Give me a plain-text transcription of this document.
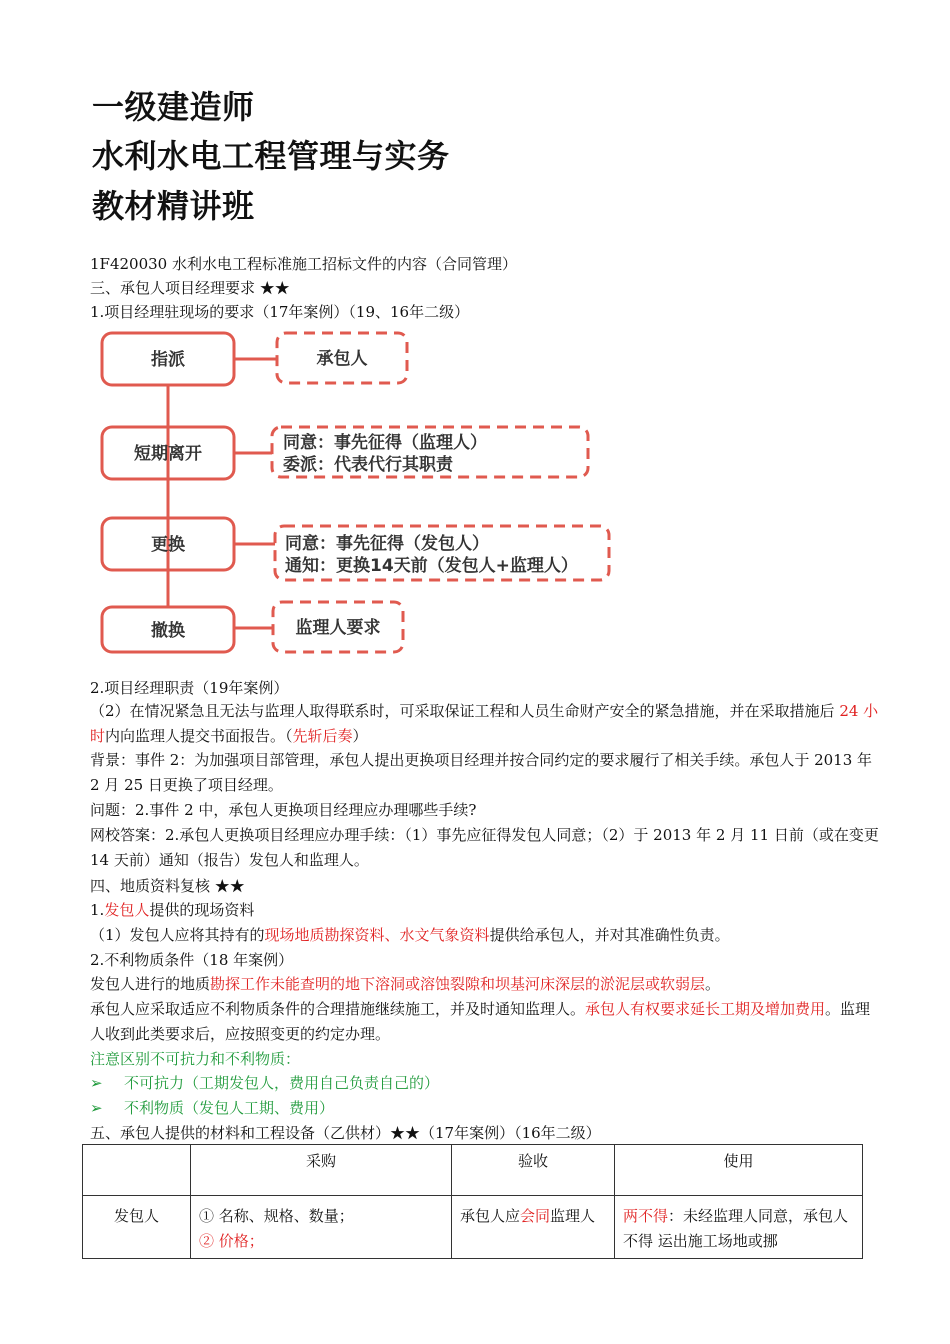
一级建造师
水利水电工程管理与实务
教材精讲班
1F420030 水利水电工程标准施工招标文件的内容（合同管理）
三、承包人项目经理要求 ★★
1.项目经理驻现场的要求（17年案例）（19、16年二级）
指派
短期离开
更换
撤换
承包人
同意：事先征得（监理人）
委派：代表代行其职责
同意：事先征得（发包人）
通知：更换14天前（发包人+监理人）
监理人要求
2.项目经理职责（19年案例）
（2）在情况紧急且无法与监理人取得联系时，可采取保证工程和人员生命财产安全的紧急措施，并在采取措施后 24 小时内向监理人提交书面报告。（先斩后奏）
背景：事件 2：为加强项目部管理，承包人提出更换项目经理并按合同约定的要求履行了相关手续。承包人于 2013 年 2 月 25 日更换了项目经理。
问题：2.事件 2 中，承包人更换项目经理应办理哪些手续?
网校答案：2.承包人更换项目经理应办理手续：（1）事先应征得发包人同意；（2）于 2013 年 2 月 11 日前（或在变更 14 天前）通知（报告）发包人和监理人。
四、地质资料复核 ★★
1.发包人提供的现场资料
（1）发包人应将其持有的现场地质勘探资料、水文气象资料提供给承包人，并对其准确性负责。
2.不利物质条件（18 年案例）
发包人进行的地质勘探工作未能查明的地下溶洞或溶蚀裂隙和坝基河床深层的淤泥层或软弱层。
承包人应采取适应不利物质条件的合理措施继续施工，并及时通知监理人。承包人有权要求延长工期及增加费用。监理人收到此类要求后，应按照变更的约定办理。
注意区别不可抗力和不利物质：
➢ 不可抗力（工期发包人，费用自己负责自己的）
➢ 不利物质（发包人工期、费用）
五、承包人提供的材料和工程设备（乙供材）★★（17年案例）（16年二级）
	采购	验收	使用
发包人	① 名称、规格、数量；
② 价格；	承包人应会同监理人	两不得：未经监理人同意，承包人不得 运出施工场地或挪
